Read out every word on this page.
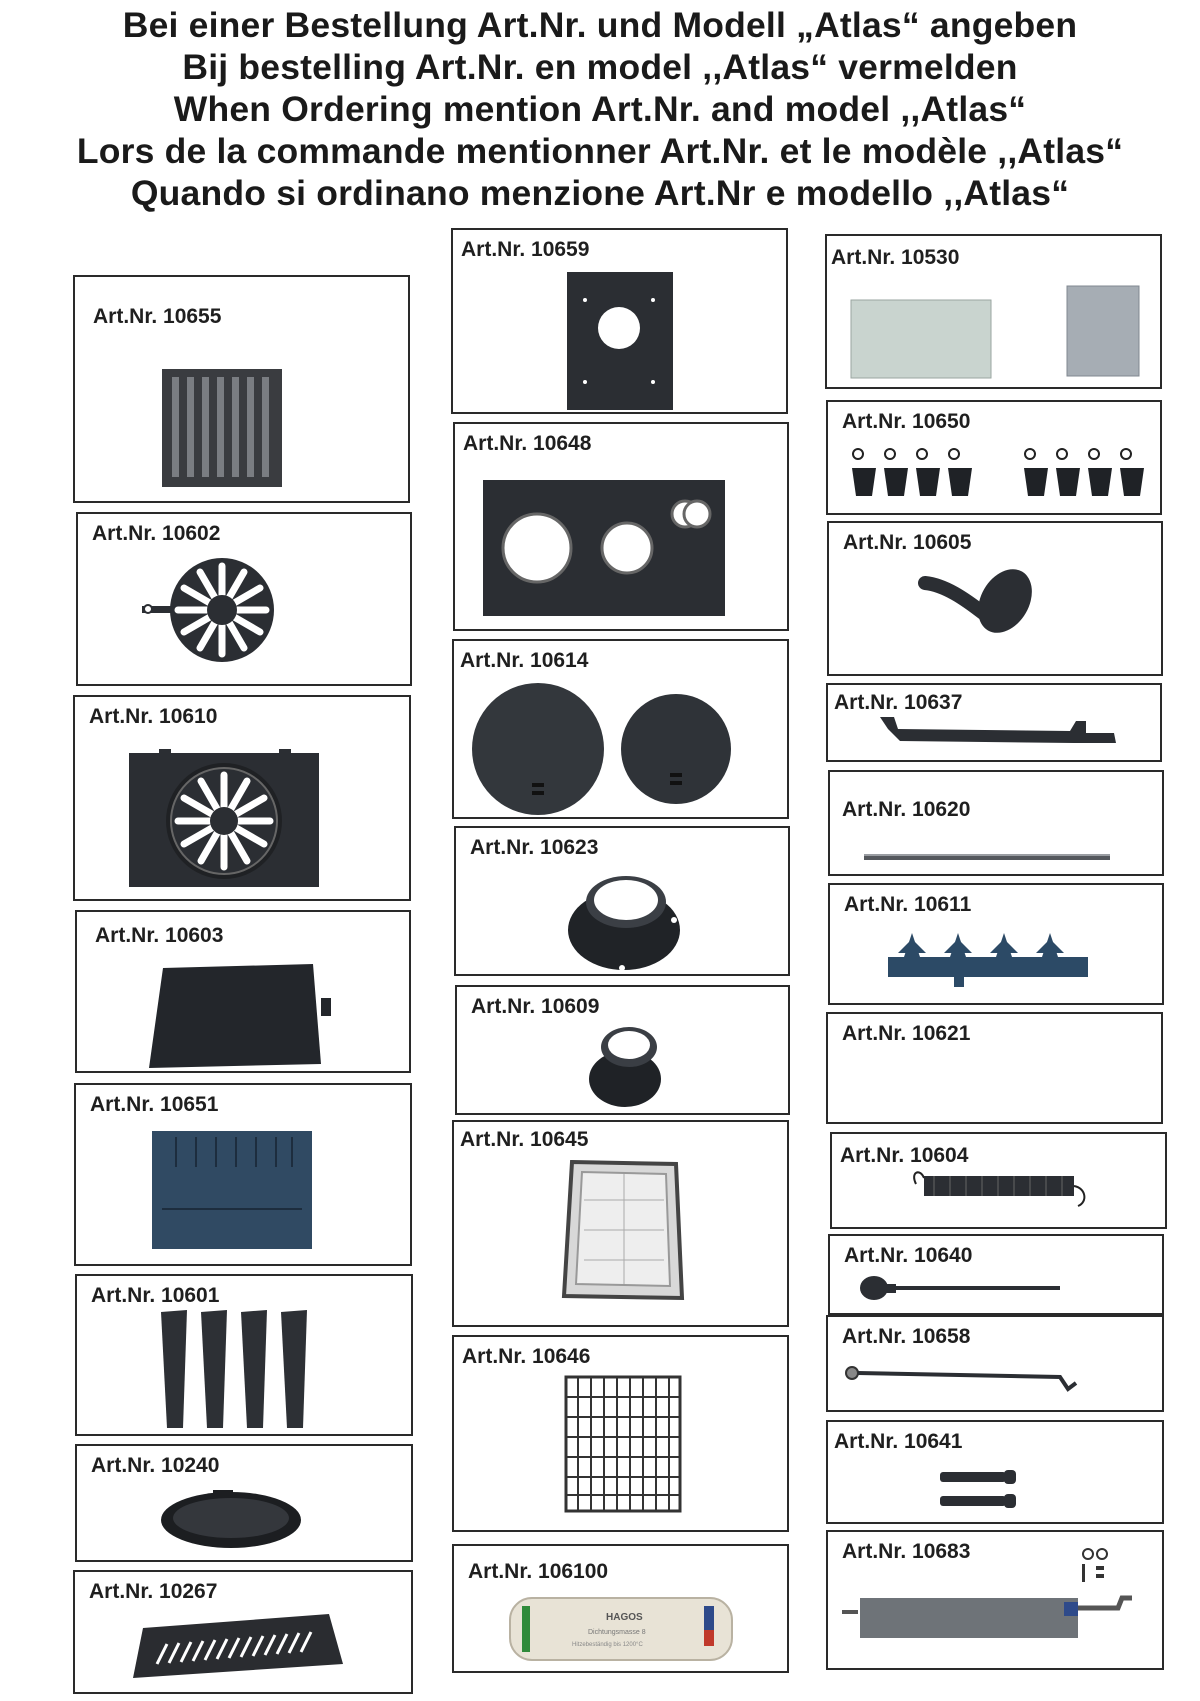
Bei einer Bestellung Art.Nr. und Modell „Atlas“ angeben
Bij bestelling Art.Nr. en model ,,Atlas“ vermelden
When Ordering mention Art.Nr. and model ,,Atlas“
Lors de la commande mentionner Art.Nr. et le modèle ,,Atlas“
Quando si ordinano menzione Art.Nr e modello ,,Atlas“
Art.Nr. 10655
Art.Nr. 10602
Art.Nr. 10610
Art.Nr. 10603
Art.Nr. 10651
Art.Nr. 10601
Art.Nr. 10240
Art.Nr. 10267
Art.Nr. 10659
Art.Nr. 10648
Art.Nr. 10614
Art.Nr. 10623
Art.Nr. 10609
Art.Nr. 10645
Art.Nr. 10646
Art.Nr. 106100
HAGOS
Dichtungsmasse 8
Hitzebeständig bis 1200°C
Art.Nr. 10530
Art.Nr. 10650
Art.Nr. 10605
Art.Nr. 10637
Art.Nr. 10620
Art.Nr. 10611
Art.Nr. 10621
Art.Nr. 10604
Art.Nr. 10640
Art.Nr. 10658
Art.Nr. 10641
Art.Nr. 10683
